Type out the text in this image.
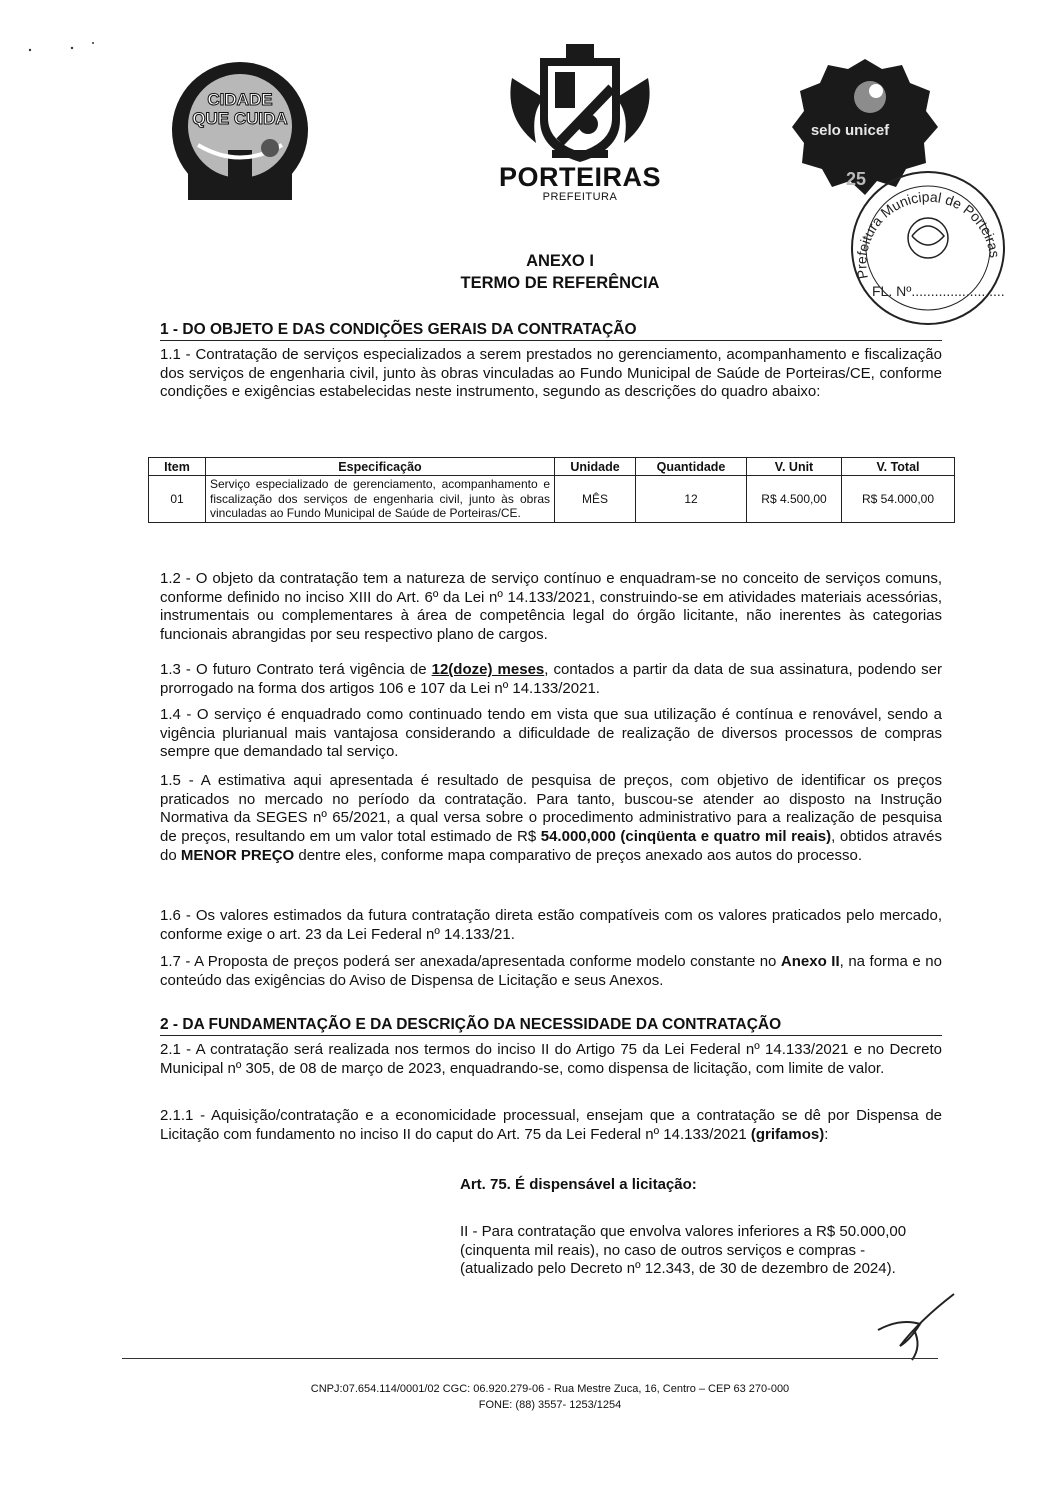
CIDADE
QUE CUIDA
PORTEIRAS
PREFEITURA
selo unicef
25
Prefeitura Municipal de Porteiras
FL. Nº........................
ANEXO I
TERMO DE REFERÊNCIA
1 - DO OBJETO E DAS CONDIÇÕES GERAIS DA CONTRATAÇÃO
1.1 - Contratação de serviços especializados a serem prestados no gerenciamento, acompanhamento e fiscalização dos serviços de engenharia civil, junto às obras vinculadas ao Fundo Municipal de Saúde de Porteiras/CE, conforme condições e exigências estabelecidas neste instrumento, segundo as descrições do quadro abaixo:
Item	Especificação	Unidade	Quantidade	V. Unit	V. Total
01	Serviço especializado de gerenciamento, acompanhamento e fiscalização dos serviços de engenharia civil, junto às obras vinculadas ao Fundo Municipal de Saúde de Porteiras/CE.	MÊS	12	R$ 4.500,00	R$ 54.000,00
1.2 - O objeto da contratação tem a natureza de serviço contínuo e enquadram-se no conceito de serviços comuns, conforme definido no inciso XIII do Art. 6º da Lei nº 14.133/2021, construindo-se em atividades materiais acessórias, instrumentais ou complementares à área de competência legal do órgão licitante, não inerentes às categorias funcionais abrangidas por seu respectivo plano de cargos.
1.3 - O futuro Contrato terá vigência de 12(doze) meses, contados a partir da data de sua assinatura, podendo ser prorrogado na forma dos artigos 106 e 107 da Lei nº 14.133/2021.
1.4 - O serviço é enquadrado como continuado tendo em vista que sua utilização é contínua e renovável, sendo a vigência plurianual mais vantajosa considerando a dificuldade de realização de diversos processos de compras sempre que demandado tal serviço.
1.5 - A estimativa aqui apresentada é resultado de pesquisa de preços, com objetivo de identificar os preços praticados no mercado no período da contratação. Para tanto, buscou-se atender ao disposto na Instrução Normativa da SEGES nº 65/2021, a qual versa sobre o procedimento administrativo para a realização de pesquisa de preços, resultando em um valor total estimado de R$ 54.000,000 (cinqüenta e quatro mil reais), obtidos através do MENOR PREÇO dentre eles, conforme mapa comparativo de preços anexado aos autos do processo.
1.6 - Os valores estimados da futura contratação direta estão compatíveis com os valores praticados pelo mercado, conforme exige o art. 23 da Lei Federal nº 14.133/21.
1.7 - A Proposta de preços poderá ser anexada/apresentada conforme modelo constante no Anexo II, na forma e no conteúdo das exigências do Aviso de Dispensa de Licitação e seus Anexos.
2 - DA FUNDAMENTAÇÃO E DA DESCRIÇÃO DA NECESSIDADE DA CONTRATAÇÃO
2.1 - A contratação será realizada nos termos do inciso II do Artigo 75 da Lei Federal nº 14.133/2021 e no Decreto Municipal nº 305, de 08 de março de 2023, enquadrando-se, como dispensa de licitação, com limite de valor.
2.1.1 - Aquisição/contratação e a economicidade processual, ensejam que a contratação se dê por Dispensa de Licitação com fundamento no inciso II do caput do Art. 75 da Lei Federal nº 14.133/2021 (grifamos):
Art. 75. É dispensável a licitação:
II - Para contratação que envolva valores inferiores a R$ 50.000,00 (cinquenta mil reais), no caso de outros serviços e compras - (atualizado pelo Decreto nº 12.343, de 30 de dezembro de 2024).
CNPJ:07.654.114/0001/02 CGC: 06.920.279-06 - Rua Mestre Zuca, 16, Centro – CEP 63 270-000
FONE: (88) 3557- 1253/1254
